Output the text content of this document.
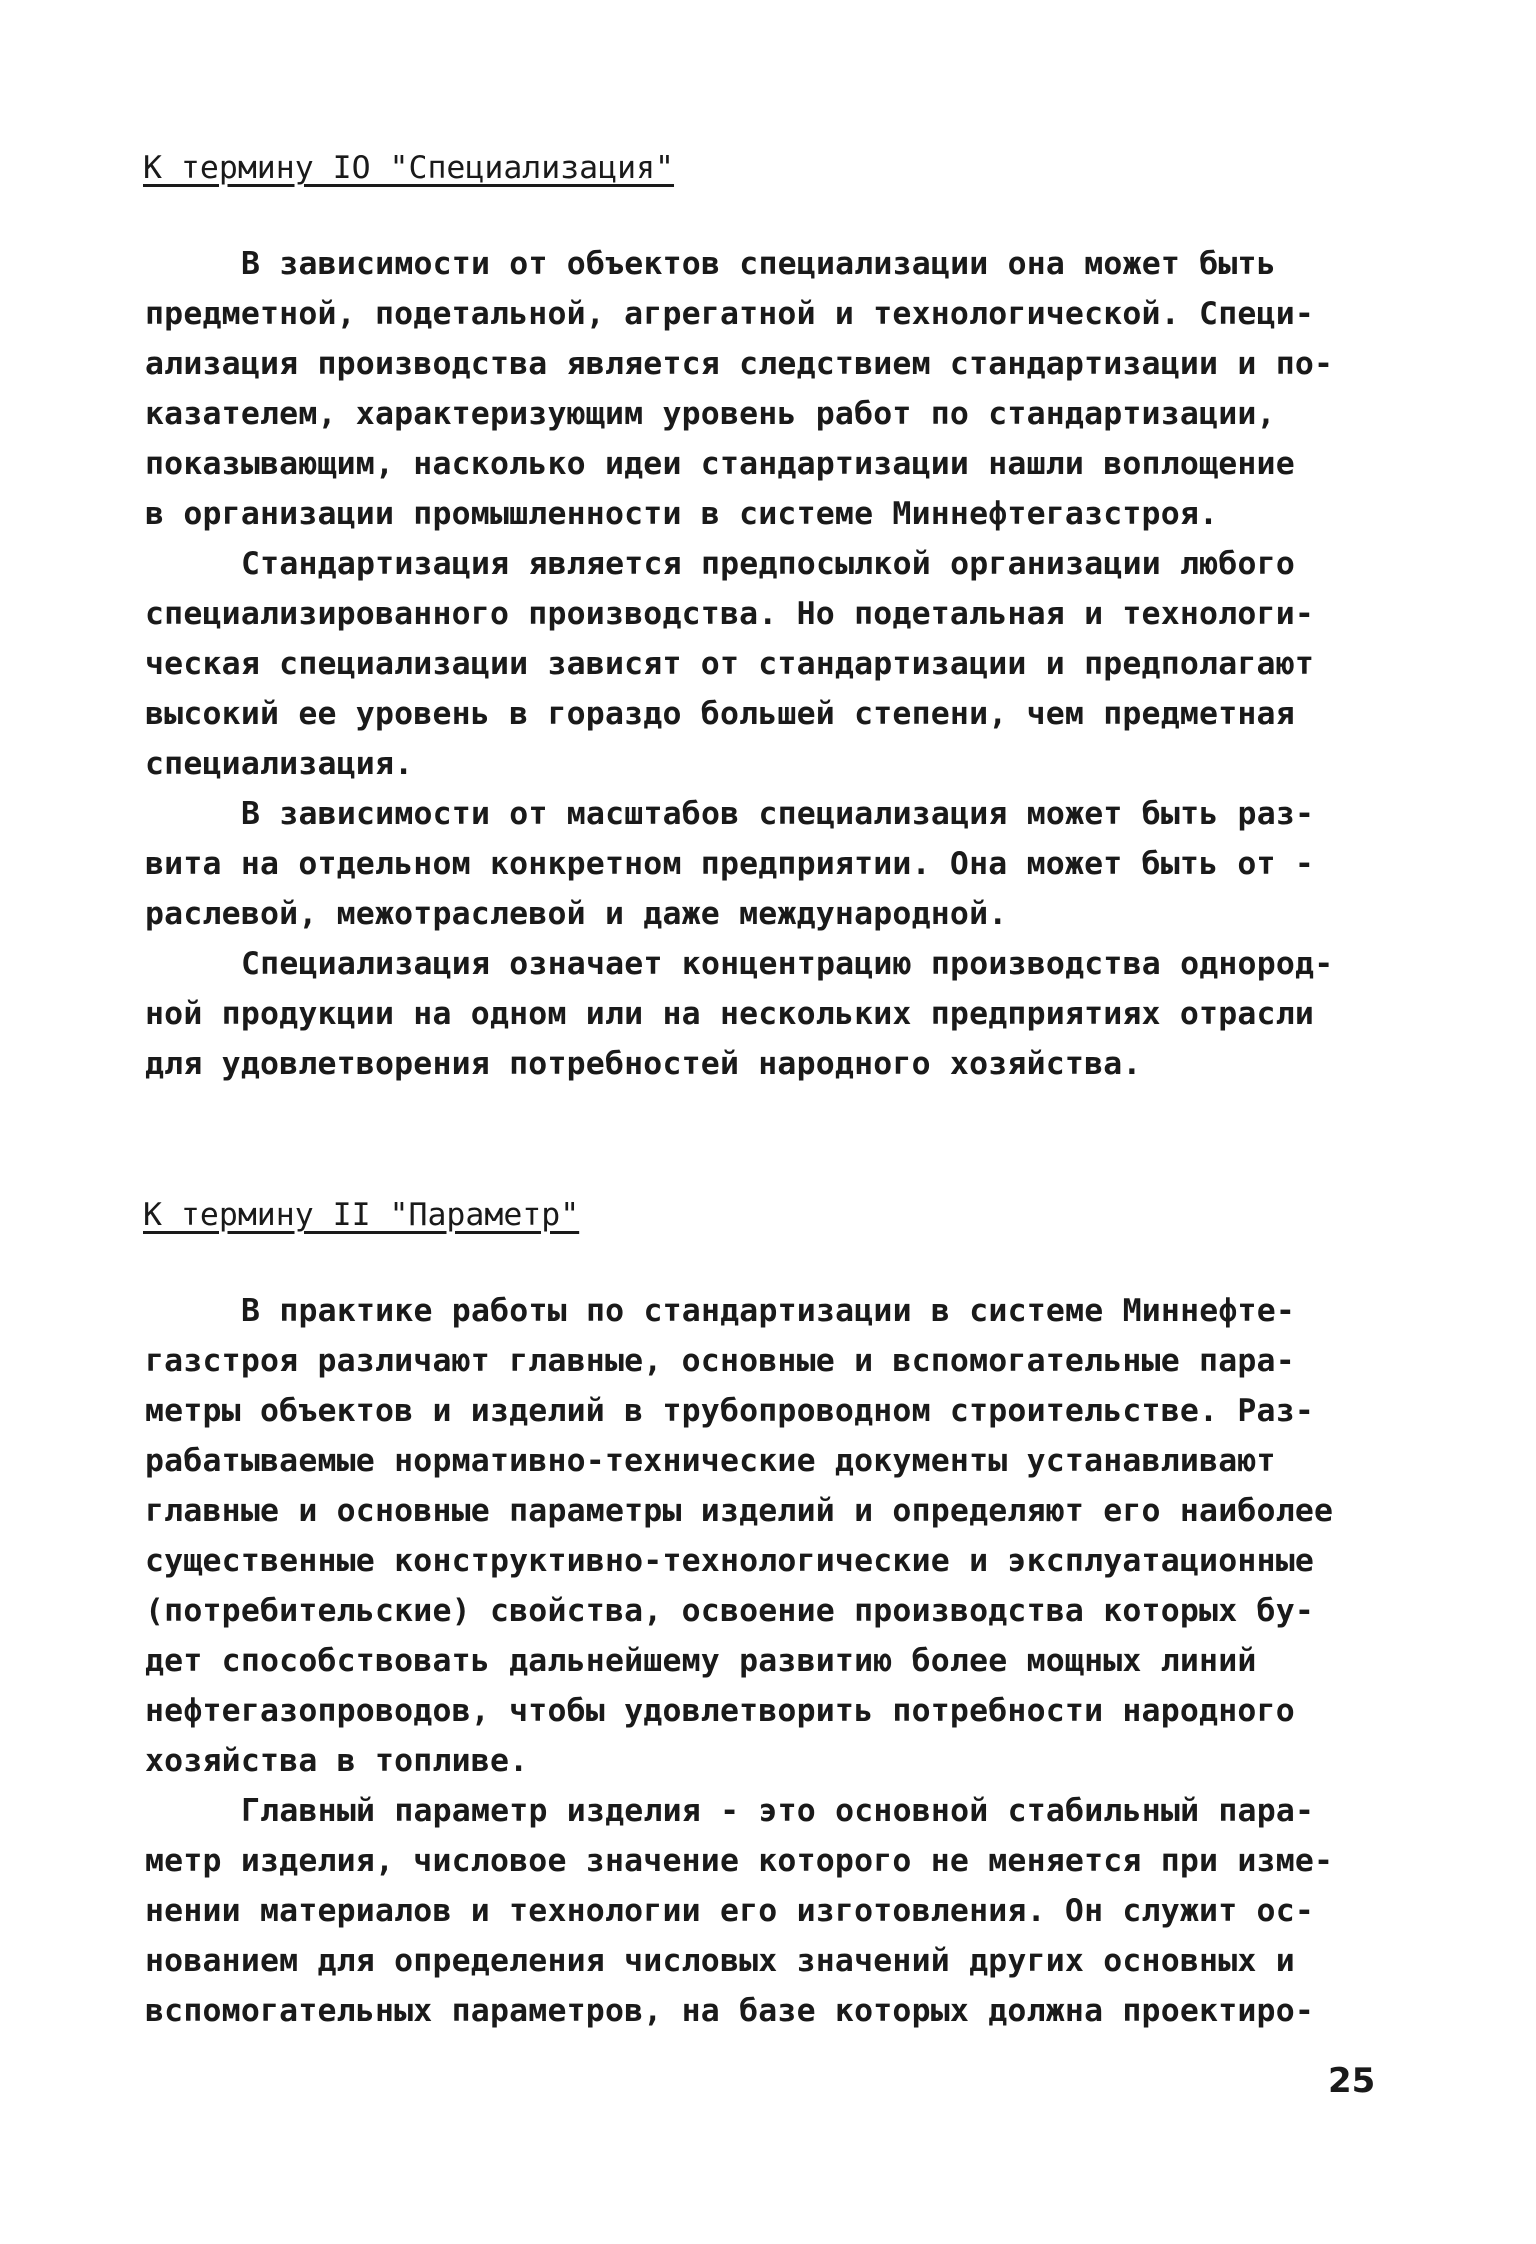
К термину IO "Специализация"
В зависимости от объектов специализации она может быть
предметной, подетальной, агрегатной и технологической. Специ-
ализация производства является следствием стандартизации и по-
казателем, характеризующим уровень работ по стандартизации,
показывающим, насколько идеи стандартизации нашли воплощение
в организации промышленности в системе Миннефтегазстроя.
Стандартизация является предпосылкой организации любого
специализированного производства. Но подетальная и технологи-
ческая специализации зависят от стандартизации и предполагают
высокий ее уровень в гораздо большей степени, чем предметная
специализация.
В зависимости от масштабов специализация может быть раз-
вита на отдельном конкретном предприятии. Она может быть от -
раслевой, межотраслевой и даже международной.
Специализация означает концентрацию производства однород-
ной продукции на одном или на нескольких предприятиях отрасли
для удовлетворения потребностей народного хозяйства.
К термину II "Параметр"
В практике работы по стандартизации в системе Миннефте-
газстроя различают главные, основные и вспомогательные пара-
метры объектов и изделий в трубопроводном строительстве. Раз-
рабатываемые нормативно-технические документы устанавливают
главные и основные параметры изделий и определяют его наиболее
существенные конструктивно-технологические и эксплуатационные
(потребительские) свойства, освоение производства которых бу-
дет способствовать дальнейшему развитию более мощных линий
нефтегазопроводов, чтобы удовлетворить потребности народного
хозяйства в топливе.
Главный параметр изделия - это основной стабильный пара-
метр изделия, числовое значение которого не меняется при изме-
нении материалов и технологии его изготовления. Он служит ос-
нованием для определения числовых значений других основных и
вспомогательных параметров, на базе которых должна проектиро-
25
